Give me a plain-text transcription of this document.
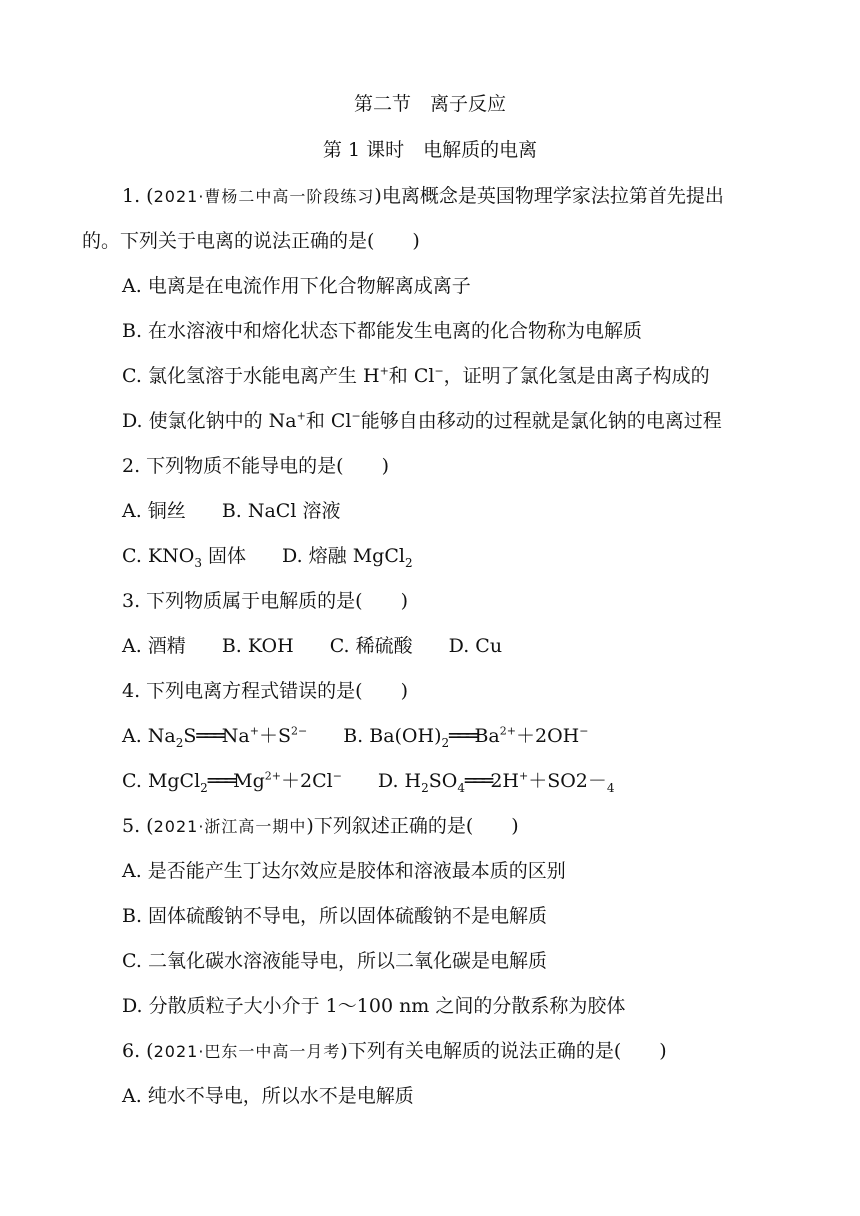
第二节　离子反应
第 1 课时　电解质的电离
1. (2021·曹杨二中高一阶段练习)电离概念是英国物理学家法拉第首先提出
的。下列关于电离的说法正确的是(　　)
A. 电离是在电流作用下化合物解离成离子
B. 在水溶液中和熔化状态下都能发生电离的化合物称为电解质
C. 氯化氢溶于水能电离产生 H+和 Cl−，证明了氯化氢是由离子构成的
D. 使氯化钠中的 Na+和 Cl−能够自由移动的过程就是氯化钠的电离过程
2. 下列物质不能导电的是(　　)
A. 铜丝 B. NaCl 溶液
C. $KNO_3$ 固体 D. 熔融 MgCl$_2$
3. 下列物质属于电解质的是(　　)
A. 酒精 B. KOH C. 稀硫酸 D. Cu
4. 下列电离方程式错误的是(　　)
A. $Na_2S═══Na^++S^{2-}$ B. $Ba(OH)_2═══Ba^{2+}+2OH^-$
C. $MgCl_2═══Mg^{2+}+2Cl^-$ D. $H_2SO_4═══2H^++SO2-_4$
5. (2021·浙江高一期中)下列叙述正确的是(　　)
A. 是否能产生丁达尔效应是胶体和溶液最本质的区别
B. 固体硫酸钠不导电，所以固体硫酸钠不是电解质
C. 二氧化碳水溶液能导电，所以二氧化碳是电解质
D. 分散质粒子大小介于 1～100 nm 之间的分散系称为胶体
6. (2021·巴东一中高一月考)下列有关电解质的说法正确的是(　　)
A. 纯水不导电，所以水不是电解质
